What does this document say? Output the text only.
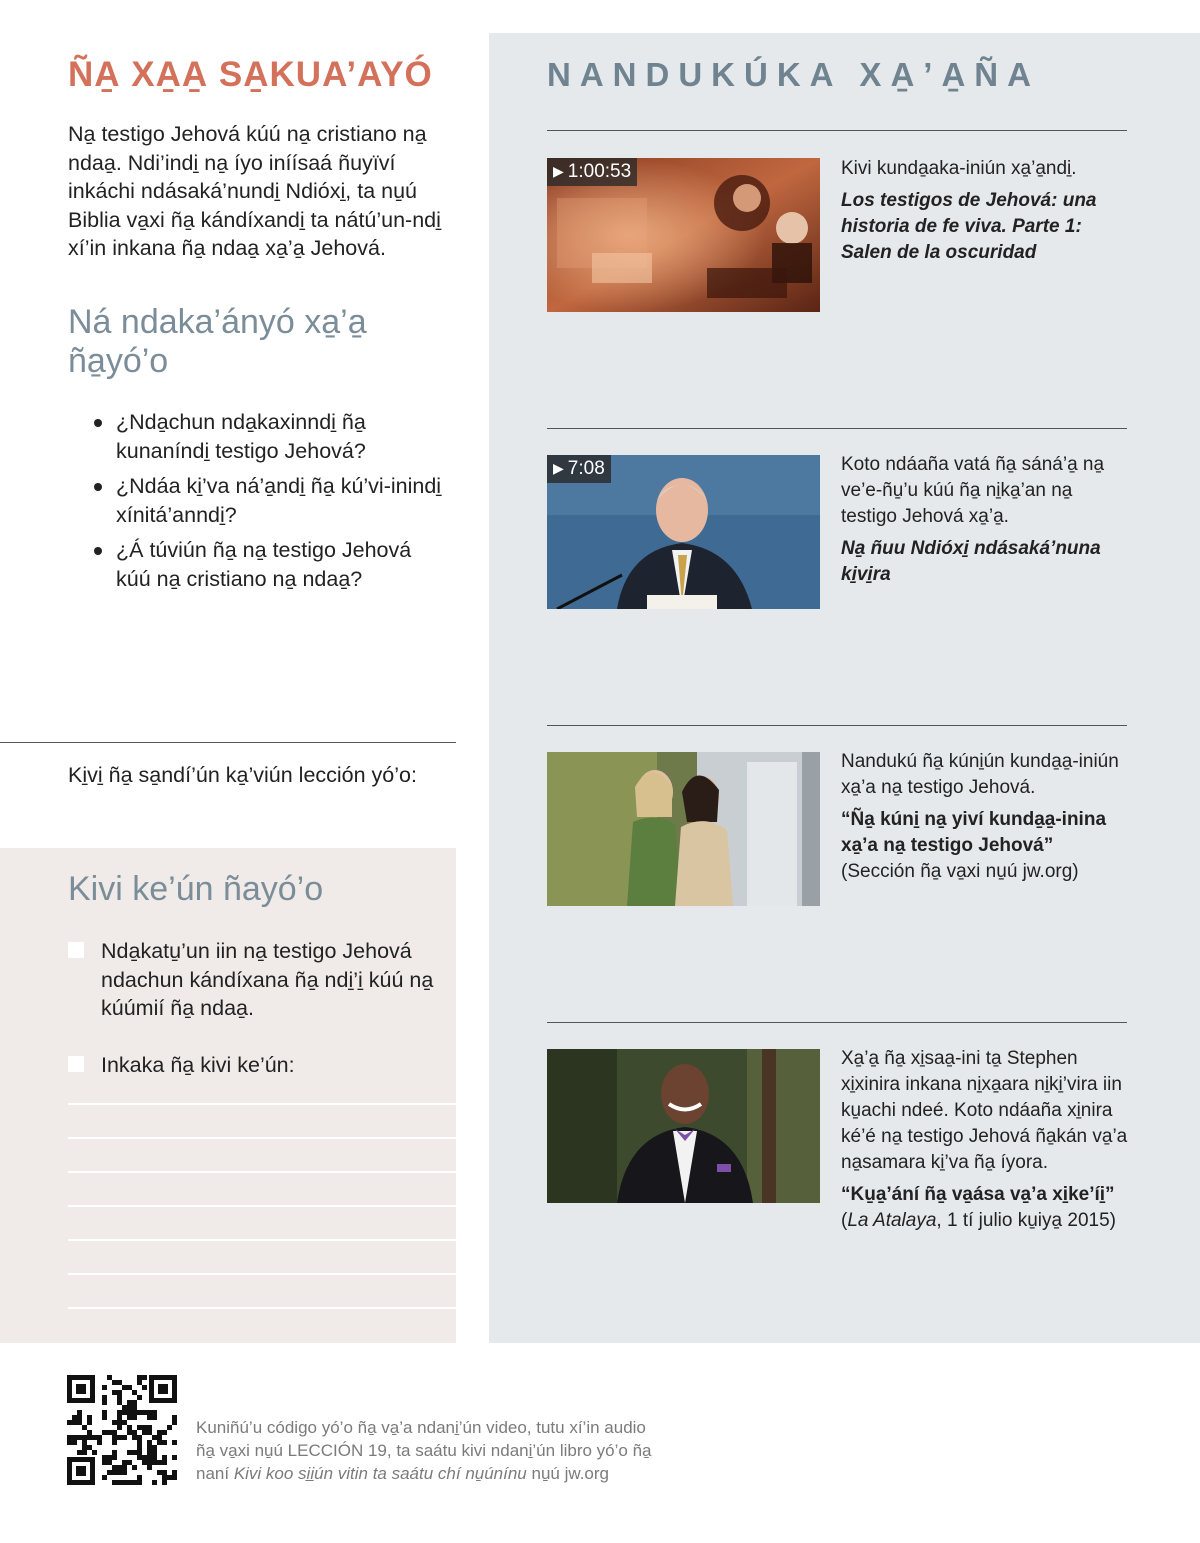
ÑA̱ XA̱A̱ SA̱KUA’AYÓ

Na̱ testigo Jehová kúú na̱ cristiano na̱ ndaa̱. Ndi’indi̱ na̱ íyo iníísaá ñuyïví inkáchi ndásaká’nundi̱ Ndióxi̱, ta nu̱ú Biblia va̱xi ña̱ kándíxandi̱ ta nátú’un-ndi̱ xí’in inkana ña̱ ndaa̱ xa̱’a̱ Jehová.

Ná ndaka’ányó xa̱’a̱ ña̱yó’o
¿Nda̱chun nda̱kaxinndi̱ ña̱ kunaníndi̱ testigo Jehová?
¿Ndáa ki̱’va ná’a̱ndi̱ ña̱ kú’vi-inindi̱ xínitá’anndi̱?
¿Á túviún ña̱ na̱ testigo Jehová kúú na̱ cristiano na̱ ndaa̱?
Ki̱vi̱ ña̱ sa̱ndí’ún ka̱’viún lección yó’o:
Kivi ke’ún ñayó’o
Nda̱katu̱’un iin na̱ testigo Jehová ndachun kándíxana ña̱ ndi̱’i̱ kúú na̱ kúúmií ña̱ ndaa̱.
Inkaka ña̱ kivi ke’ún:
NANDUKÚKA XA̱’A̱ÑA
▶ 1:00:53	Kivi kunda̱aka-iniún xa̱’a̱ndi̱.
Los testigos de Jehová: una historia de fe viva. Parte 1: Salen de la oscuridad
▶ 7:08	Koto ndáaña vatá ña̱ sáná’a̱ na̱ ve’e-ñu̱’u kúú ña̱ ni̱ka̱’an na̱ testigo Jehová xa̱’a̱.
Na̱ ñuu Ndióxi̱ ndásaká’nuna ki̱vi̱ra
Nandukú ña̱ kúni̱ún kunda̱a̱-iniún xa̱’a na̱ testigo Jehová.
“Ña̱ kúni̱ na̱ yiví kunda̱a̱-inina xa̱’a na̱ testigo Jehová”
(Sección ña̱ va̱xi nu̱ú jw.org)
Xa̱’a̱ ña̱ xi̱saa̱-ini ta̱ Stephen xi̱xinira inkana ni̱xa̱ara ni̱ki̱’vira iin ku̱achi ndeé. Koto ndáaña xi̱nira ké’é na̱ testigo Jehová ña̱kán va̱’a na̱samara ki̱’va ña̱ íyora.
“Ku̱a̱’ání ña̱ va̱ása va̱’a xi̱ke’íi̱”
(La Atalaya, 1 tí julio ku̱iya̱ 2015)
Kuniñú’u código yó’o ña̱ va̱’a ndani̱’ún video, tutu xí’in audio
ña̱ va̱xi nu̱ú LECCIÓN 19, ta saátu kivi ndani̱’ún libro yó’o ña̱
naní Kivi koo si̱i̱ún vitin ta saátu chí nu̱únínu nu̱ú jw.org
